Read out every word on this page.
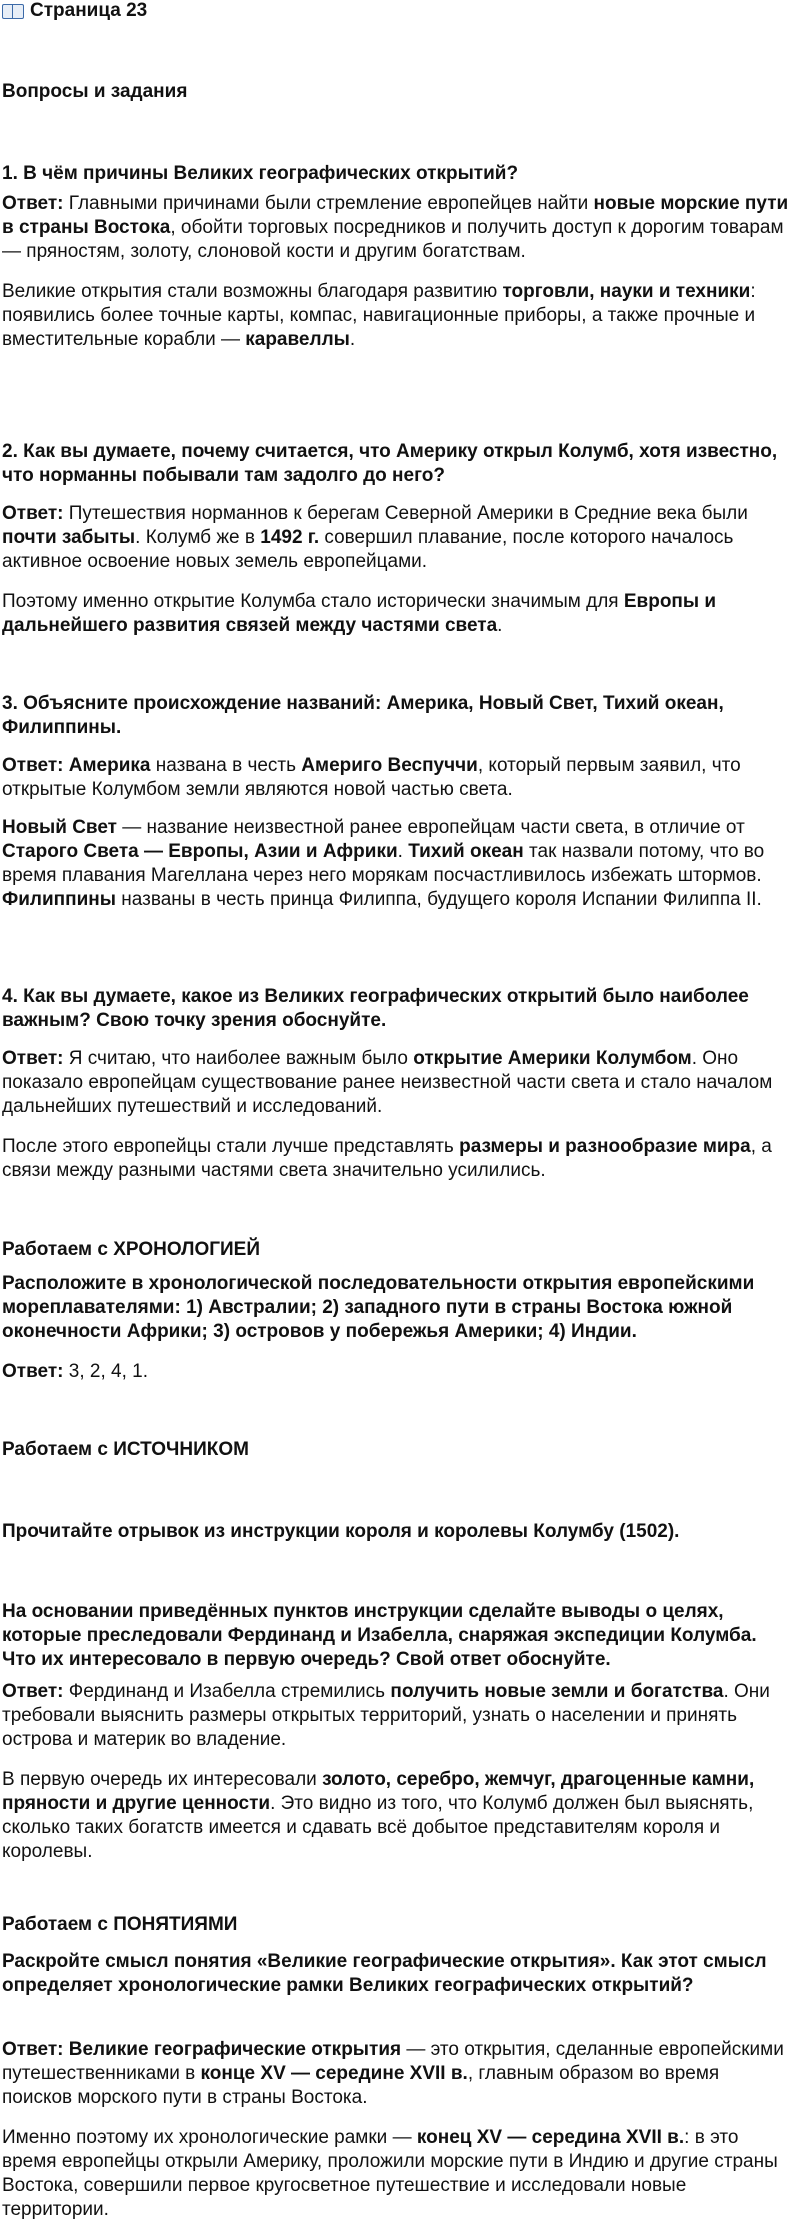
Страница 23
Вопросы и задания
1. В чём причины Великих географических открытий?

Ответ: Главными причинами были стремление европейцев найти новые морские пути в страны Востока, обойти торговых посредников и получить доступ к дорогим товарам — пряностям, золоту, слоновой кости и другим богатствам.

Великие открытия стали возможны благодаря развитию торговли, науки и техники: появились более точные карты, компас, навигационные приборы, а также прочные и вместительные корабли — каравеллы.

2. Как вы думаете, почему считается, что Америку открыл Колумб, хотя известно, что норманны побывали там задолго до него?

Ответ: Путешествия норманнов к берегам Северной Америки в Средние века были почти забыты. Колумб же в 1492 г. совершил плавание, после которого началось активное освоение новых земель европейцами.

Поэтому именно открытие Колумба стало исторически значимым для Европы и дальнейшего развития связей между частями света.

3. Объясните происхождение названий: Америка, Новый Свет, Тихий океан, Филиппины.

Ответ: Америка названа в честь Америго Веспуччи, который первым заявил, что открытые Колумбом земли являются новой частью света.

Новый Свет — название неизвестной ранее европейцам части света, в отличие от Старого Света — Европы, Азии и Африки. Тихий океан так назвали потому, что во время плавания Магеллана через него морякам посчастливилось избежать штормов. Филиппины названы в честь принца Филиппа, будущего короля Испании Филиппа II.

4. Как вы думаете, какое из Великих географических открытий было наиболее важным? Свою точку зрения обоснуйте.

Ответ: Я считаю, что наиболее важным было открытие Америки Колумбом. Оно показало европейцам существование ранее неизвестной части света и стало началом дальнейших путешествий и исследований.

После этого европейцы стали лучше представлять размеры и разнообразие мира, а связи между разными частями света значительно усилились.

Работаем с ХРОНОЛОГИЕЙ
Расположите в хронологической последовательности открытия европейскими мореплавателями: 1) Австралии; 2) западного пути в страны Востока южной оконечности Африки; 3) островов у побережья Америки; 4) Индии.

Ответ: 3, 2, 4, 1.

Работаем с ИСТОЧНИКОМ
Прочитайте отрывок из инструкции короля и королевы Колумбу (1502).
На основании приведённых пунктов инструкции сделайте выводы о целях, которые преследовали Фердинанд и Изабелла, снаряжая экспедиции Колумба. Что их интересовало в первую очередь? Свой ответ обоснуйте.

Ответ: Фердинанд и Изабелла стремились получить новые земли и богатства. Они требовали выяснить размеры открытых территорий, узнать о населении и принять острова и материк во владение.

В первую очередь их интересовали золото, серебро, жемчуг, драгоценные камни, пряности и другие ценности. Это видно из того, что Колумб должен был выяснять, сколько таких богатств имеется и сдавать всё добытое представителям короля и королевы.

Работаем с ПОНЯТИЯМИ
Раскройте смысл понятия «Великие географические открытия». Как этот смысл определяет хронологические рамки Великих географических открытий?

Ответ: Великие географические открытия — это открытия, сделанные европейскими путешественниками в конце XV — середине XVII в., главным образом во время поисков морского пути в страны Востока.

Именно поэтому их хронологические рамки — конец XV — середина XVII в.: в это время европейцы открыли Америку, проложили морские пути в Индию и другие страны Востока, совершили первое кругосветное путешествие и исследовали новые территории.
